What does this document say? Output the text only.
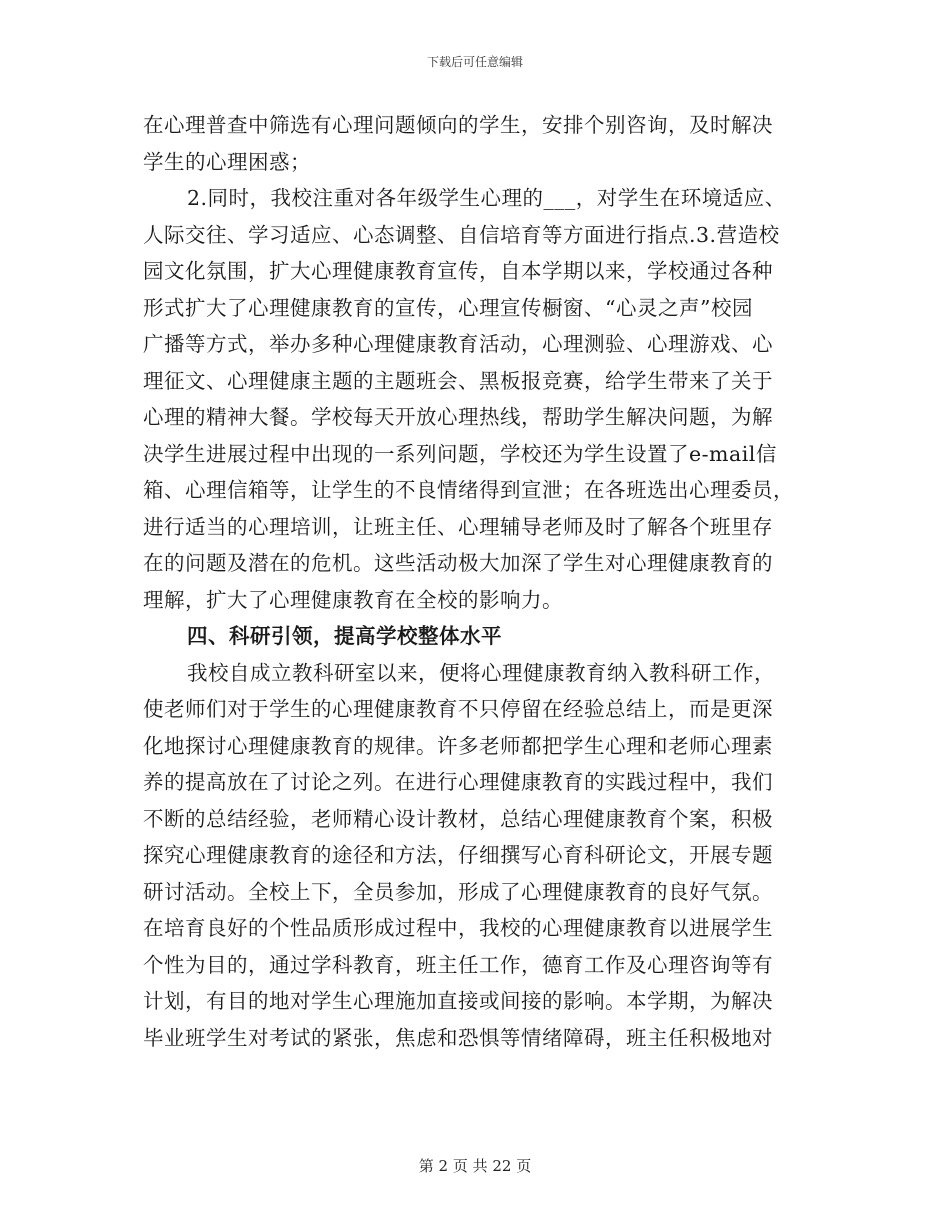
下载后可任意编辑
在心理普查中筛选有心理问题倾向的学生，安排个别咨询，及时解决
学生的心理困惑；
2.同时，我校注重对各年级学生心理的___，对学生在环境适应、
人际交往、学习适应、心态调整、自信培育等方面进行指点.3.营造校
园文化氛围，扩大心理健康教育宣传，自本学期以来，学校通过各种
形式扩大了心理健康教育的宣传，心理宣传橱窗、“心灵之声”校园
广播等方式，举办多种心理健康教育活动，心理测验、心理游戏、心
理征文、心理健康主题的主题班会、黑板报竞赛，给学生带来了关于
心理的精神大餐。学校每天开放心理热线，帮助学生解决问题，为解
决学生进展过程中出现的一系列问题，学校还为学生设置了e-mail信
箱、心理信箱等，让学生的不良情绪得到宣泄；在各班选出心理委员，
进行适当的心理培训，让班主任、心理辅导老师及时了解各个班里存
在的问题及潜在的危机。这些活动极大加深了学生对心理健康教育的
理解，扩大了心理健康教育在全校的影响力。
四、科研引领，提高学校整体水平
我校自成立教科研室以来，便将心理健康教育纳入教科研工作，
使老师们对于学生的心理健康教育不只停留在经验总结上，而是更深
化地探讨心理健康教育的规律。许多老师都把学生心理和老师心理素
养的提高放在了讨论之列。在进行心理健康教育的实践过程中，我们
不断的总结经验，老师精心设计教材，总结心理健康教育个案，积极
探究心理健康教育的途径和方法，仔细撰写心育科研论文，开展专题
研讨活动。全校上下，全员参加，形成了心理健康教育的良好气氛。
在培育良好的个性品质形成过程中，我校的心理健康教育以进展学生
个性为目的，通过学科教育，班主任工作，德育工作及心理咨询等有
计划，有目的地对学生心理施加直接或间接的影响。本学期，为解决
毕业班学生对考试的紧张，焦虑和恐惧等情绪障碍，班主任积极地对
第 2 页 共 22 页
